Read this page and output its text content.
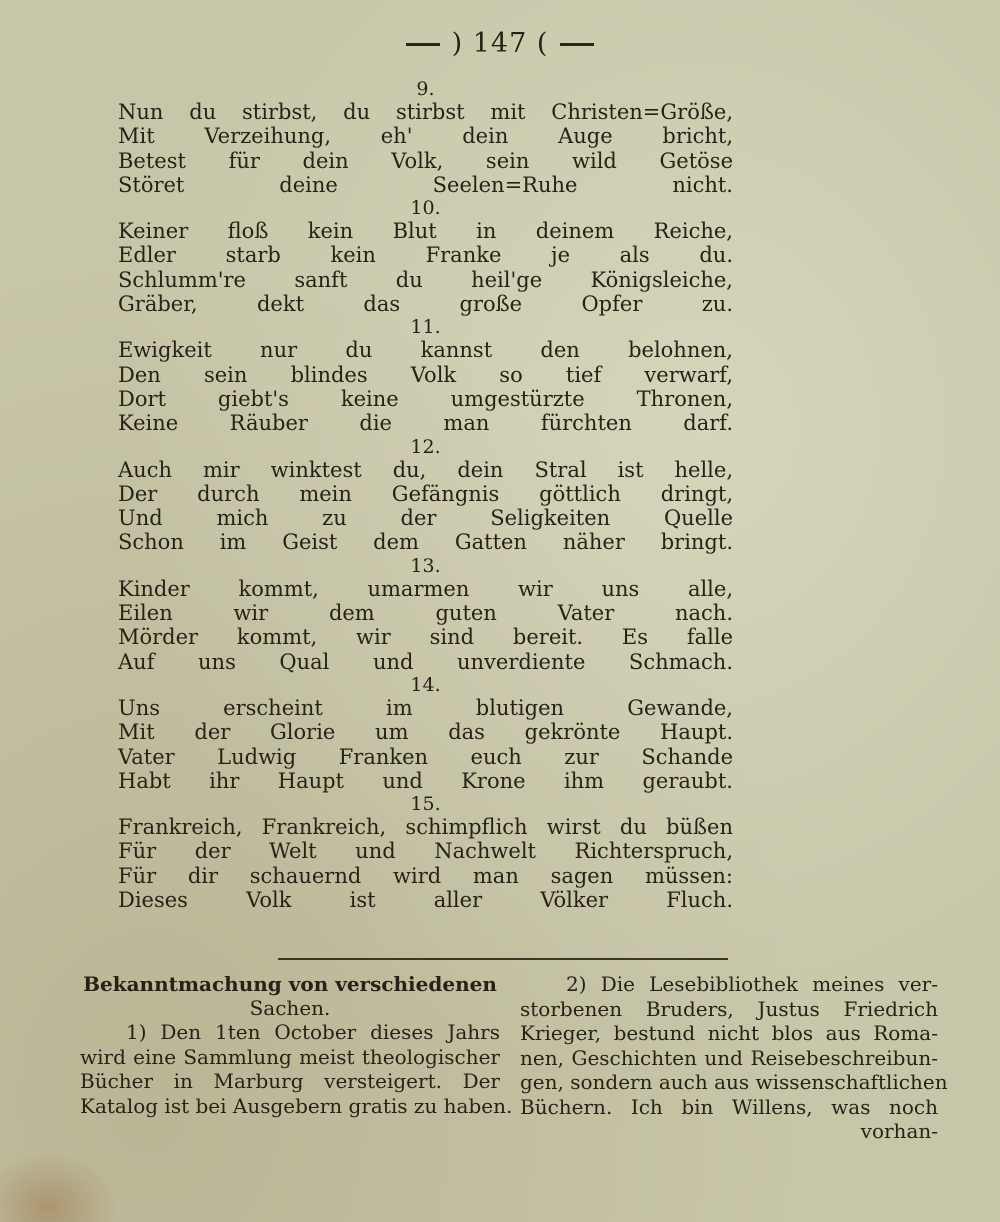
) 147 (
9.
Nun du stirbst, du stirbst mit Christen=Größe,
Mit Verzeihung, eh' dein Auge bricht,
Betest für dein Volk, sein wild Getöse
Störet deine Seelen=Ruhe nicht.
10.
Keiner floß kein Blut in deinem Reiche,
Edler starb kein Franke je als du.
Schlumm're sanft du heil'ge Königsleiche,
Gräber, dekt das große Opfer zu.
11.
Ewigkeit nur du kannst den belohnen,
Den sein blindes Volk so tief verwarf,
Dort giebt's keine umgestürzte Thronen,
Keine Räuber die man fürchten darf.
12.
Auch mir winktest du, dein Stral ist helle,
Der durch mein Gefängnis göttlich dringt,
Und mich zu der Seligkeiten Quelle
Schon im Geist dem Gatten näher bringt.
13.
Kinder kommt, umarmen wir uns alle,
Eilen wir dem guten Vater nach.
Mörder kommt, wir sind bereit. Es falle
Auf uns Qual und unverdiente Schmach.
14.
Uns erscheint im blutigen Gewande,
Mit der Glorie um das gekrönte Haupt.
Vater Ludwig Franken euch zur Schande
Habt ihr Haupt und Krone ihm geraubt.
15.
Frankreich, Frankreich, schimpflich wirst du büßen
Für der Welt und Nachwelt Richterspruch,
Für dir schauernd wird man sagen müssen:
Dieses Volk ist aller Völker Fluch.
Bekanntmachung von verschiedenen
Sachen.
1) Den 1ten October dieses Jahrs
wird eine Sammlung meist theologischer
Bücher in Marburg versteigert. Der
Katalog ist bei Ausgebern gratis zu haben.
2) Die Lesebibliothek meines ver-
storbenen Bruders, Justus Friedrich
Krieger, bestund nicht blos aus Roma-
nen, Geschichten und Reisebeschreibun-
gen, sondern auch aus wissenschaftlichen
Büchern. Ich bin Willens, was noch
vorhan-
